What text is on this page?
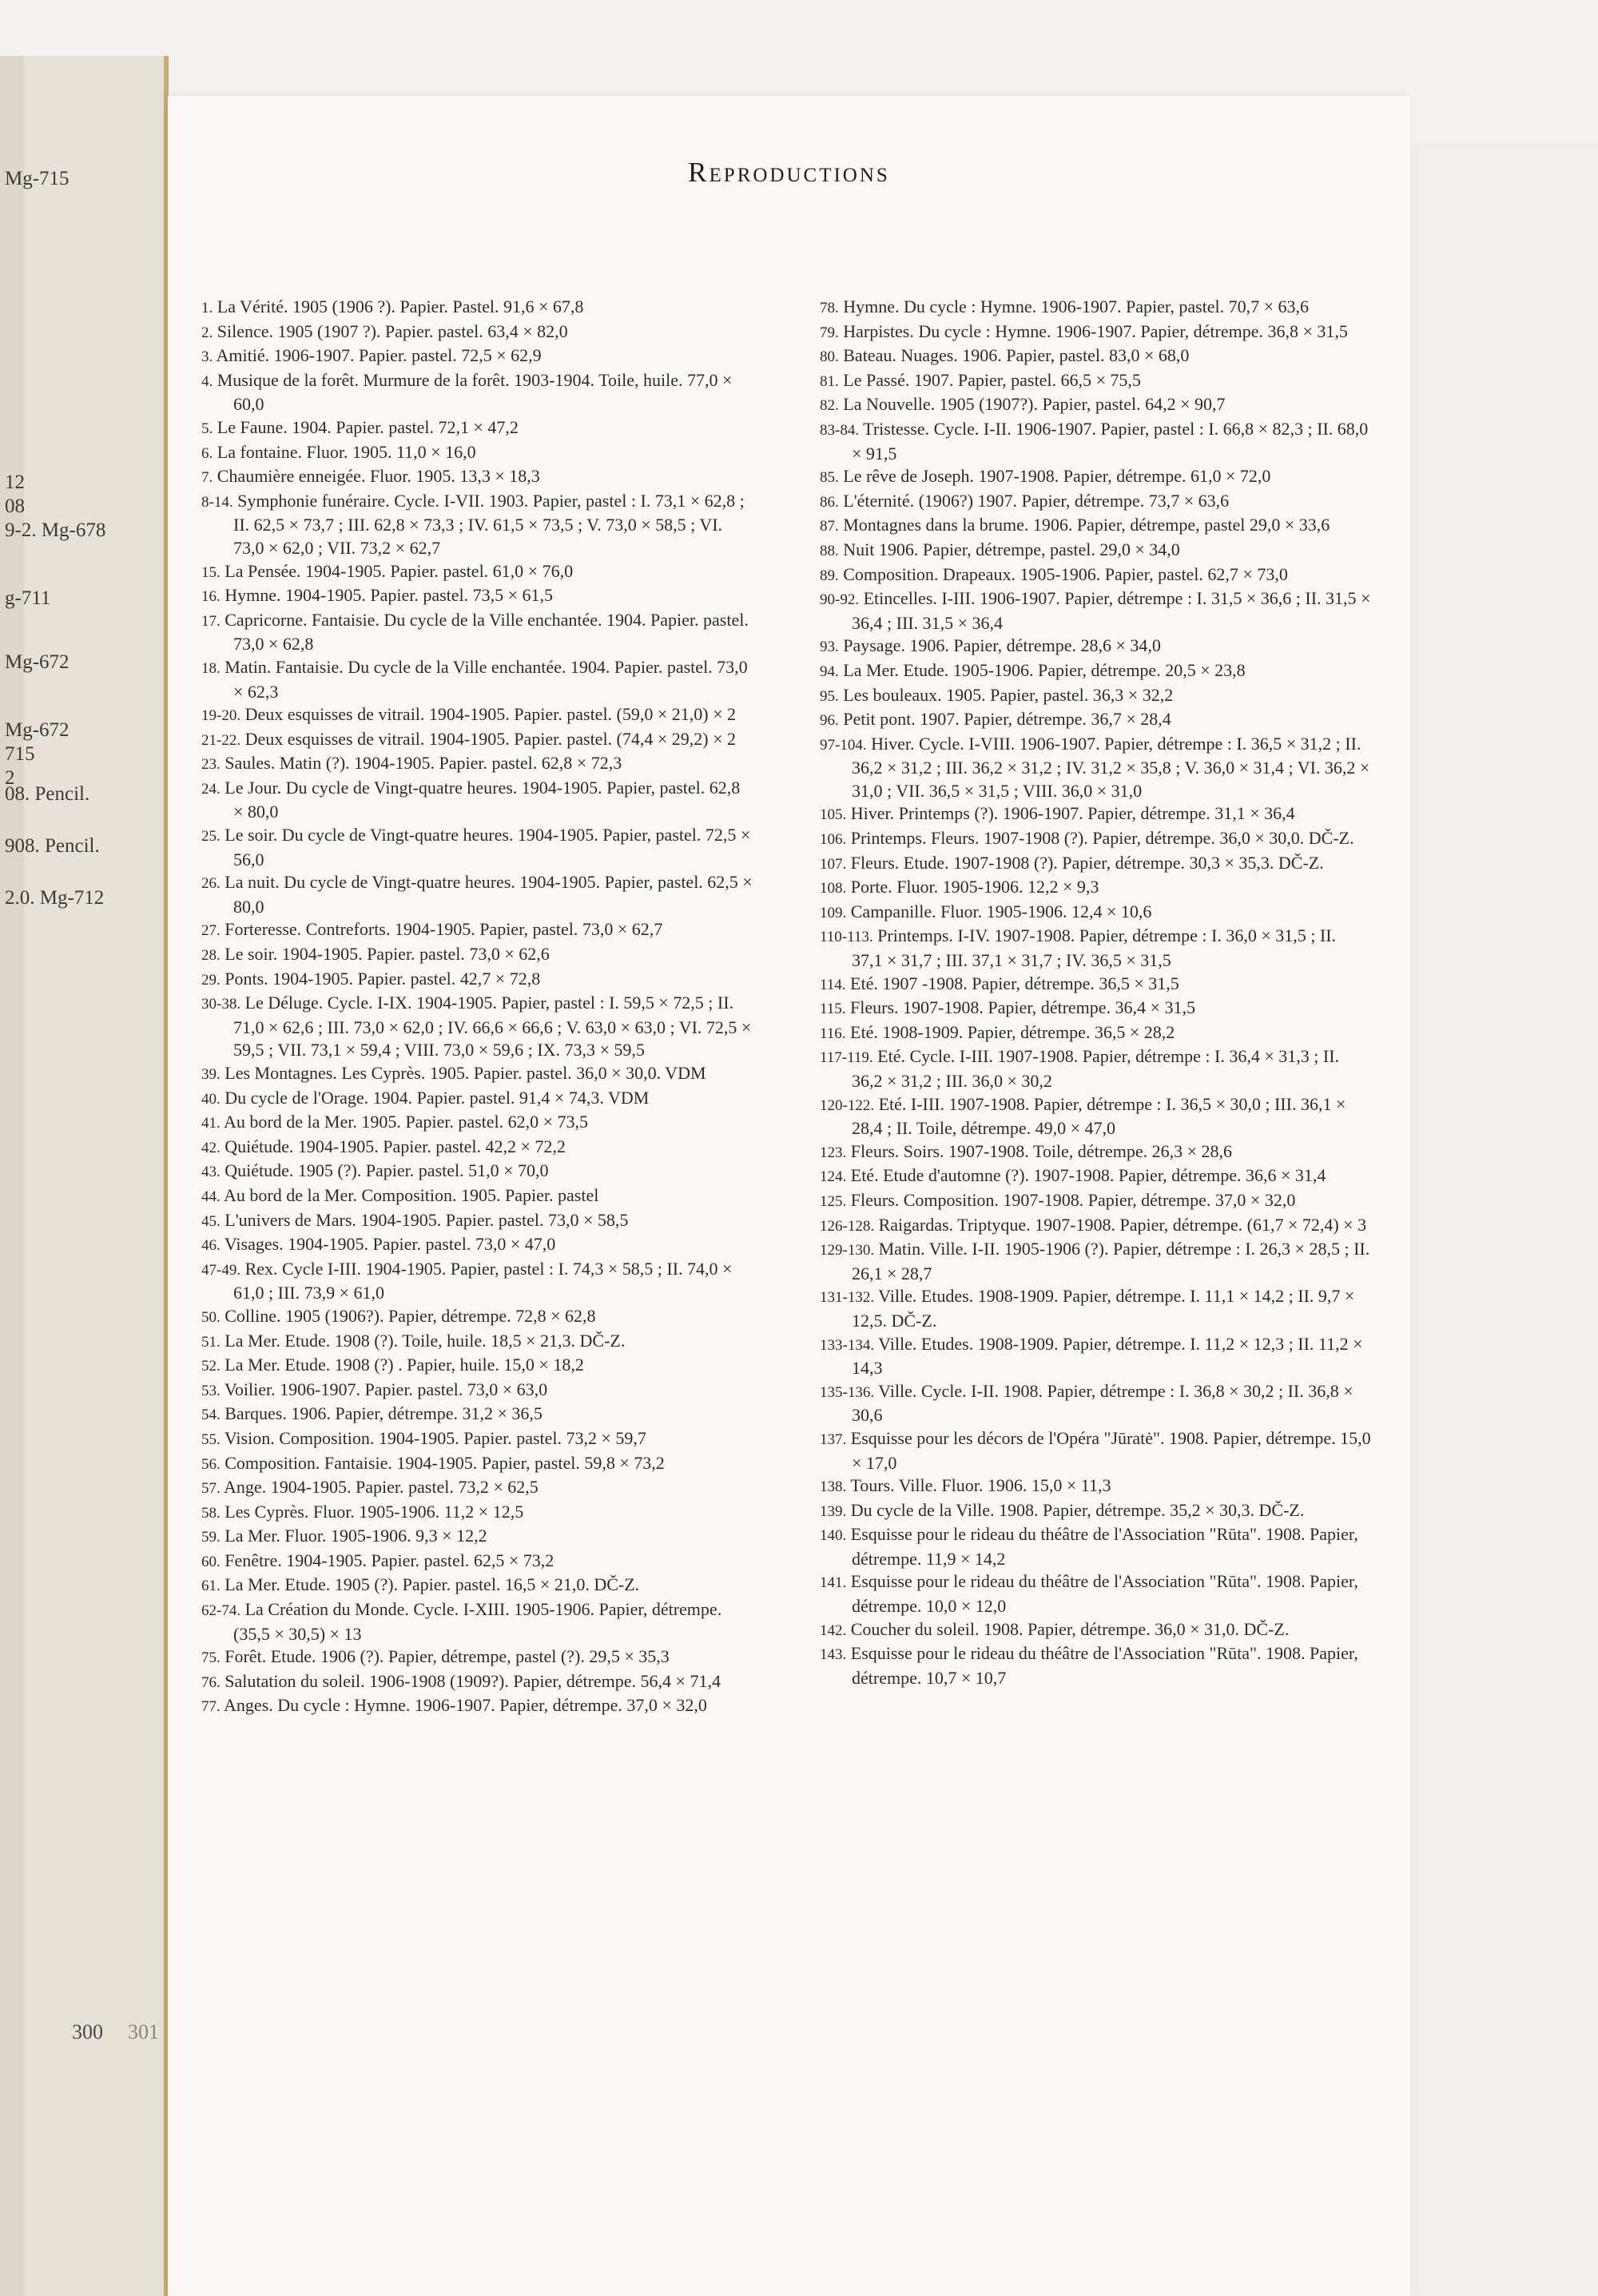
Mg-715
12
08
9-2. Mg-678
g-711
Mg-672
Mg-672
715
2
08. Pencil.
908. Pencil.
2.0. Mg-712
Reproductions

1. La Vérité. 1905 (1906 ?). Papier. Pastel. 91,6 × 67,8

2. Silence. 1905 (1907 ?). Papier. pastel. 63,4 × 82,0

3. Amitié. 1906-1907. Papier. pastel. 72,5 × 62,9

4. Musique de la forêt. Murmure de la forêt. 1903-1904. Toile, huile. 77,0 × 60,0

5. Le Faune. 1904. Papier. pastel. 72,1 × 47,2

6. La fontaine. Fluor. 1905. 11,0 × 16,0

7. Chaumière enneigée. Fluor. 1905. 13,3 × 18,3

8-14. Symphonie funéraire. Cycle. I-VII. 1903. Papier, pastel : I. 73,1 × 62,8 ; II. 62,5 × 73,7 ; III. 62,8 × 73,3 ; IV. 61,5 × 73,5 ; V. 73,0 × 58,5 ; VI. 73,0 × 62,0 ; VII. 73,2 × 62,7

15. La Pensée. 1904-1905. Papier. pastel. 61,0 × 76,0

16. Hymne. 1904-1905. Papier. pastel. 73,5 × 61,5

17. Capricorne. Fantaisie. Du cycle de la Ville enchantée. 1904. Papier. pastel. 73,0 × 62,8

18. Matin. Fantaisie. Du cycle de la Ville enchantée. 1904. Papier. pastel. 73,0 × 62,3

19-20. Deux esquisses de vitrail. 1904-1905. Papier. pastel. (59,0 × 21,0) × 2

21-22. Deux esquisses de vitrail. 1904-1905. Papier. pastel. (74,4 × 29,2) × 2

23. Saules. Matin (?). 1904-1905. Papier. pastel. 62,8 × 72,3

24. Le Jour. Du cycle de Vingt-quatre heures. 1904-1905. Papier, pastel. 62,8 × 80,0

25. Le soir. Du cycle de Vingt-quatre heures. 1904-1905. Papier, pastel. 72,5 × 56,0

26. La nuit. Du cycle de Vingt-quatre heures. 1904-1905. Papier, pastel. 62,5 × 80,0

27. Forteresse. Contreforts. 1904-1905. Papier, pastel. 73,0 × 62,7

28. Le soir. 1904-1905. Papier. pastel. 73,0 × 62,6

29. Ponts. 1904-1905. Papier. pastel. 42,7 × 72,8

30-38. Le Déluge. Cycle. I-IX. 1904-1905. Papier, pastel : I. 59,5 × 72,5 ; II. 71,0 × 62,6 ; III. 73,0 × 62,0 ; IV. 66,6 × 66,6 ; V. 63,0 × 63,0 ; VI. 72,5 × 59,5 ; VII. 73,1 × 59,4 ; VIII. 73,0 × 59,6 ; IX. 73,3 × 59,5

39. Les Montagnes. Les Cyprès. 1905. Papier. pastel. 36,0 × 30,0. VDM

40. Du cycle de l'Orage. 1904. Papier. pastel. 91,4 × 74,3. VDM

41. Au bord de la Mer. 1905. Papier. pastel. 62,0 × 73,5

42. Quiétude. 1904-1905. Papier. pastel. 42,2 × 72,2

43. Quiétude. 1905 (?). Papier. pastel. 51,0 × 70,0

44. Au bord de la Mer. Composition. 1905. Papier. pastel

45. L'univers de Mars. 1904-1905. Papier. pastel. 73,0 × 58,5

46. Visages. 1904-1905. Papier. pastel. 73,0 × 47,0

47-49. Rex. Cycle I-III. 1904-1905. Papier, pastel : I. 74,3 × 58,5 ; II. 74,0 × 61,0 ; III. 73,9 × 61,0

50. Colline. 1905 (1906?). Papier, détrempe. 72,8 × 62,8

51. La Mer. Etude. 1908 (?). Toile, huile. 18,5 × 21,3. DČ-Z.

52. La Mer. Etude. 1908 (?) . Papier, huile. 15,0 × 18,2

53. Voilier. 1906-1907. Papier. pastel. 73,0 × 63,0

54. Barques. 1906. Papier, détrempe. 31,2 × 36,5

55. Vision. Composition. 1904-1905. Papier. pastel. 73,2 × 59,7

56. Composition. Fantaisie. 1904-1905. Papier, pastel. 59,8 × 73,2

57. Ange. 1904-1905. Papier. pastel. 73,2 × 62,5

58. Les Cyprès. Fluor. 1905-1906. 11,2 × 12,5

59. La Mer. Fluor. 1905-1906. 9,3 × 12,2

60. Fenêtre. 1904-1905. Papier. pastel. 62,5 × 73,2

61. La Mer. Etude. 1905 (?). Papier. pastel. 16,5 × 21,0. DČ-Z.

62-74. La Création du Monde. Cycle. I-XIII. 1905-1906. Papier, détrempe. (35,5 × 30,5) × 13

75. Forêt. Etude. 1906 (?). Papier, détrempe, pastel (?). 29,5 × 35,3

76. Salutation du soleil. 1906-1908 (1909?). Papier, détrempe. 56,4 × 71,4

77. Anges. Du cycle : Hymne. 1906-1907. Papier, détrempe. 37,0 × 32,0

78. Hymne. Du cycle : Hymne. 1906-1907. Papier, pastel. 70,7 × 63,6

79. Harpistes. Du cycle : Hymne. 1906-1907. Papier, détrempe. 36,8 × 31,5

80. Bateau. Nuages. 1906. Papier, pastel. 83,0 × 68,0

81. Le Passé. 1907. Papier, pastel. 66,5 × 75,5

82. La Nouvelle. 1905 (1907?). Papier, pastel. 64,2 × 90,7

83-84. Tristesse. Cycle. I-II. 1906-1907. Papier, pastel : I. 66,8 × 82,3 ; II. 68,0 × 91,5

85. Le rêve de Joseph. 1907-1908. Papier, détrempe. 61,0 × 72,0

86. L'éternité. (1906?) 1907. Papier, détrempe. 73,7 × 63,6

87. Montagnes dans la brume. 1906. Papier, détrempe, pastel 29,0 × 33,6

88. Nuit 1906. Papier, détrempe, pastel. 29,0 × 34,0

89. Composition. Drapeaux. 1905-1906. Papier, pastel. 62,7 × 73,0

90-92. Etincelles. I-III. 1906-1907. Papier, détrempe : I. 31,5 × 36,6 ; II. 31,5 × 36,4 ; III. 31,5 × 36,4

93. Paysage. 1906. Papier, détrempe. 28,6 × 34,0

94. La Mer. Etude. 1905-1906. Papier, détrempe. 20,5 × 23,8

95. Les bouleaux. 1905. Papier, pastel. 36,3 × 32,2

96. Petit pont. 1907. Papier, détrempe. 36,7 × 28,4

97-104. Hiver. Cycle. I-VIII. 1906-1907. Papier, détrempe : I. 36,5 × 31,2 ; II. 36,2 × 31,2 ; III. 36,2 × 31,2 ; IV. 31,2 × 35,8 ; V. 36,0 × 31,4 ; VI. 36,2 × 31,0 ; VII. 36,5 × 31,5 ; VIII. 36,0 × 31,0

105. Hiver. Printemps (?). 1906-1907. Papier, détrempe. 31,1 × 36,4

106. Printemps. Fleurs. 1907-1908 (?). Papier, détrempe. 36,0 × 30,0. DČ-Z.

107. Fleurs. Etude. 1907-1908 (?). Papier, détrempe. 30,3 × 35,3. DČ-Z.

108. Porte. Fluor. 1905-1906. 12,2 × 9,3

109. Campanille. Fluor. 1905-1906. 12,4 × 10,6

110-113. Printemps. I-IV. 1907-1908. Papier, détrempe : I. 36,0 × 31,5 ; II. 37,1 × 31,7 ; III. 37,1 × 31,7 ; IV. 36,5 × 31,5

114. Eté. 1907 -1908. Papier, détrempe. 36,5 × 31,5

115. Fleurs. 1907-1908. Papier, détrempe. 36,4 × 31,5

116. Eté. 1908-1909. Papier, détrempe. 36,5 × 28,2

117-119. Eté. Cycle. I-III. 1907-1908. Papier, détrempe : I. 36,4 × 31,3 ; II. 36,2 × 31,2 ; III. 36,0 × 30,2

120-122. Eté. I-III. 1907-1908. Papier, détrempe : I. 36,5 × 30,0 ; III. 36,1 × 28,4 ; II. Toile, détrempe. 49,0 × 47,0

123. Fleurs. Soirs. 1907-1908. Toile, détrempe. 26,3 × 28,6

124. Eté. Etude d'automne (?). 1907-1908. Papier, détrempe. 36,6 × 31,4

125. Fleurs. Composition. 1907-1908. Papier, détrempe. 37,0 × 32,0

126-128. Raigardas. Triptyque. 1907-1908. Papier, détrempe. (61,7 × 72,4) × 3

129-130. Matin. Ville. I-II. 1905-1906 (?). Papier, détrempe : I. 26,3 × 28,5 ; II. 26,1 × 28,7

131-132. Ville. Etudes. 1908-1909. Papier, détrempe. I. 11,1 × 14,2 ; II. 9,7 × 12,5. DČ-Z.

133-134. Ville. Etudes. 1908-1909. Papier, détrempe. I. 11,2 × 12,3 ; II. 11,2 × 14,3

135-136. Ville. Cycle. I-II. 1908. Papier, détrempe : I. 36,8 × 30,2 ; II. 36,8 × 30,6

137. Esquisse pour les décors de l'Opéra "Jūratė". 1908. Papier, détrempe. 15,0 × 17,0

138. Tours. Ville. Fluor. 1906. 15,0 × 11,3

139. Du cycle de la Ville. 1908. Papier, détrempe. 35,2 × 30,3. DČ-Z.

140. Esquisse pour le rideau du théâtre de l'Association "Rūta". 1908. Papier, détrempe. 11,9 × 14,2

141. Esquisse pour le rideau du théâtre de l'Association "Rūta". 1908. Papier, détrempe. 10,0 × 12,0

142. Coucher du soleil. 1908. Papier, détrempe. 36,0 × 31,0. DČ-Z.

143. Esquisse pour le rideau du théâtre de l'Association "Rūta". 1908. Papier, détrempe. 10,7 × 10,7

300 301
